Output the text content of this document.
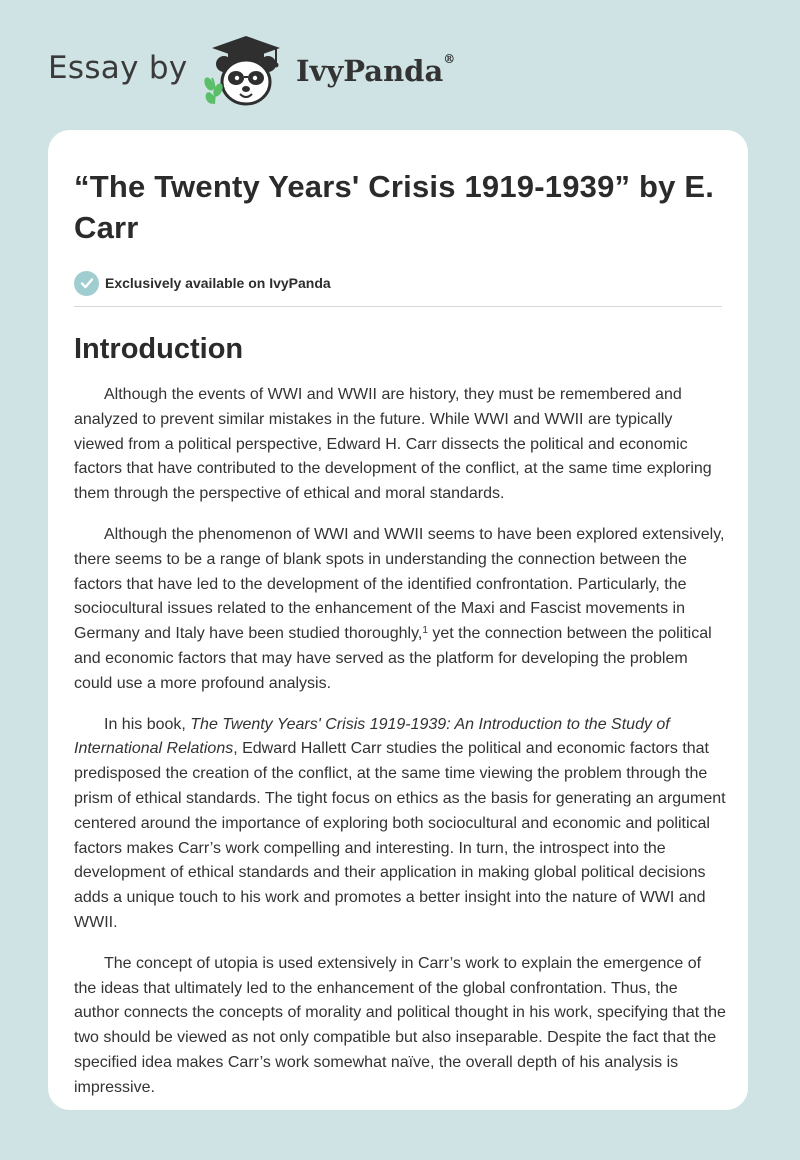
Essay by	IvyPanda®
“The Twenty Years' Crisis 1919-1939” by E. Carr
Exclusively available on IvyPanda
Introduction

Although the events of WWI and WWII are history, they must be remembered and analyzed to prevent similar mistakes in the future. While WWI and WWII are typically viewed from a political perspective, Edward H. Carr dissects the political and economic factors that have contributed to the development of the conflict, at the same time exploring them through the perspective of ethical and moral standards.

Although the phenomenon of WWI and WWII seems to have been explored extensively, there seems to be a range of blank spots in understanding the connection between the factors that have led to the development of the identified confrontation. Particularly, the sociocultural issues related to the enhancement of the Maxi and Fascist movements in Germany and Italy have been studied thoroughly,$^1$ yet the connection between the political and economic factors that may have served as the platform for developing the problem could use a more profound analysis.

In his book, The Twenty Years' Crisis 1919-1939: An Introduction to the Study of International Relations, Edward Hallett Carr studies the political and economic factors that predisposed the creation of the conflict, at the same time viewing the problem through the prism of ethical standards. The tight focus on ethics as the basis for generating an argument centered around the importance of exploring both sociocultural and economic and political factors makes Carr’s work compelling and interesting. In turn, the introspect into the development of ethical standards and their application in making global political decisions adds a unique touch to his work and promotes a better insight into the nature of WWI and WWII.

The concept of utopia is used extensively in Carr’s work to explain the emergence of the ideas that ultimately led to the enhancement of the global confrontation. Thus, the author connects the concepts of morality and political thought in his work, specifying that the two should be viewed as not only compatible but also inseparable. Despite the fact that the specified idea makes Carr’s work somewhat naïve, the overall depth of his analysis is impressive.
